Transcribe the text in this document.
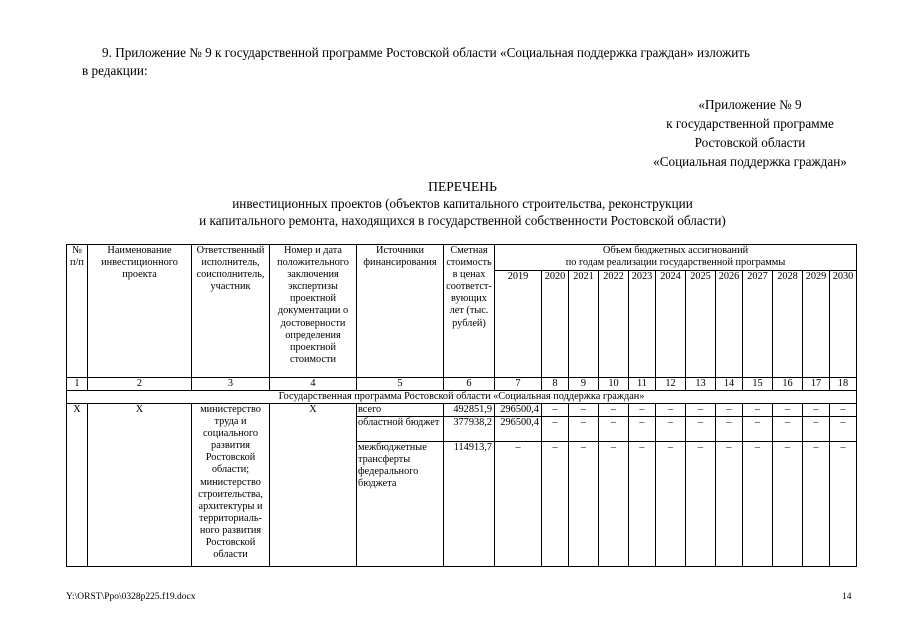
9. Приложение № 9 к государственной программе Ростовской области «Социальная поддержка граждан» изложить
в редакции:
«Приложение № 9
к государственной программе
Ростовской области
«Социальная поддержка граждан»
ПЕРЕЧЕНЬ
инвестиционных проектов (объектов капитального строительства, реконструкции
и капитального ремонта, находящихся в государственной собственности Ростовской области)
№ п/п	Наименование инвестиционного проекта	Ответственный исполнитель, соисполнитель, участник	Номер и дата положительного заключения экспертизы проектной документации о достоверности определения проектной стоимости	Источники финансирования	Сметная стоимость в ценах соответст-вующих лет (тыс. рублей)	Объем бюджетных ассигнований
по годам реализации государственной программы											

						2019	2020	2021	2022	2023	2024	2025	2026	2027	2028	2029	2030
1	2	3	4	5	6	7	8	9	10	11	12	13	14	15	16	17	18
Государственная программа Ростовской области «Социальная поддержка граждан»																	
Х	Х	министерство труда и социального развития Ростовской области; министерство строительства, архитектуры и территориаль-ного развития Ростовской области	Х	всего	492851,9	296500,4	–	–	–	–	–	–	–	–	–	–	–
				областной бюджет	377938,2	296500,4	–	–	–	–	–	–	–	–	–	–	–
				межбюджетные трансферты федерального бюджета	114913,7	–	–	–	–	–	–	–	–	–	–	–	–
Y:\ORST\Ppo\0328p225.f19.docx	14
